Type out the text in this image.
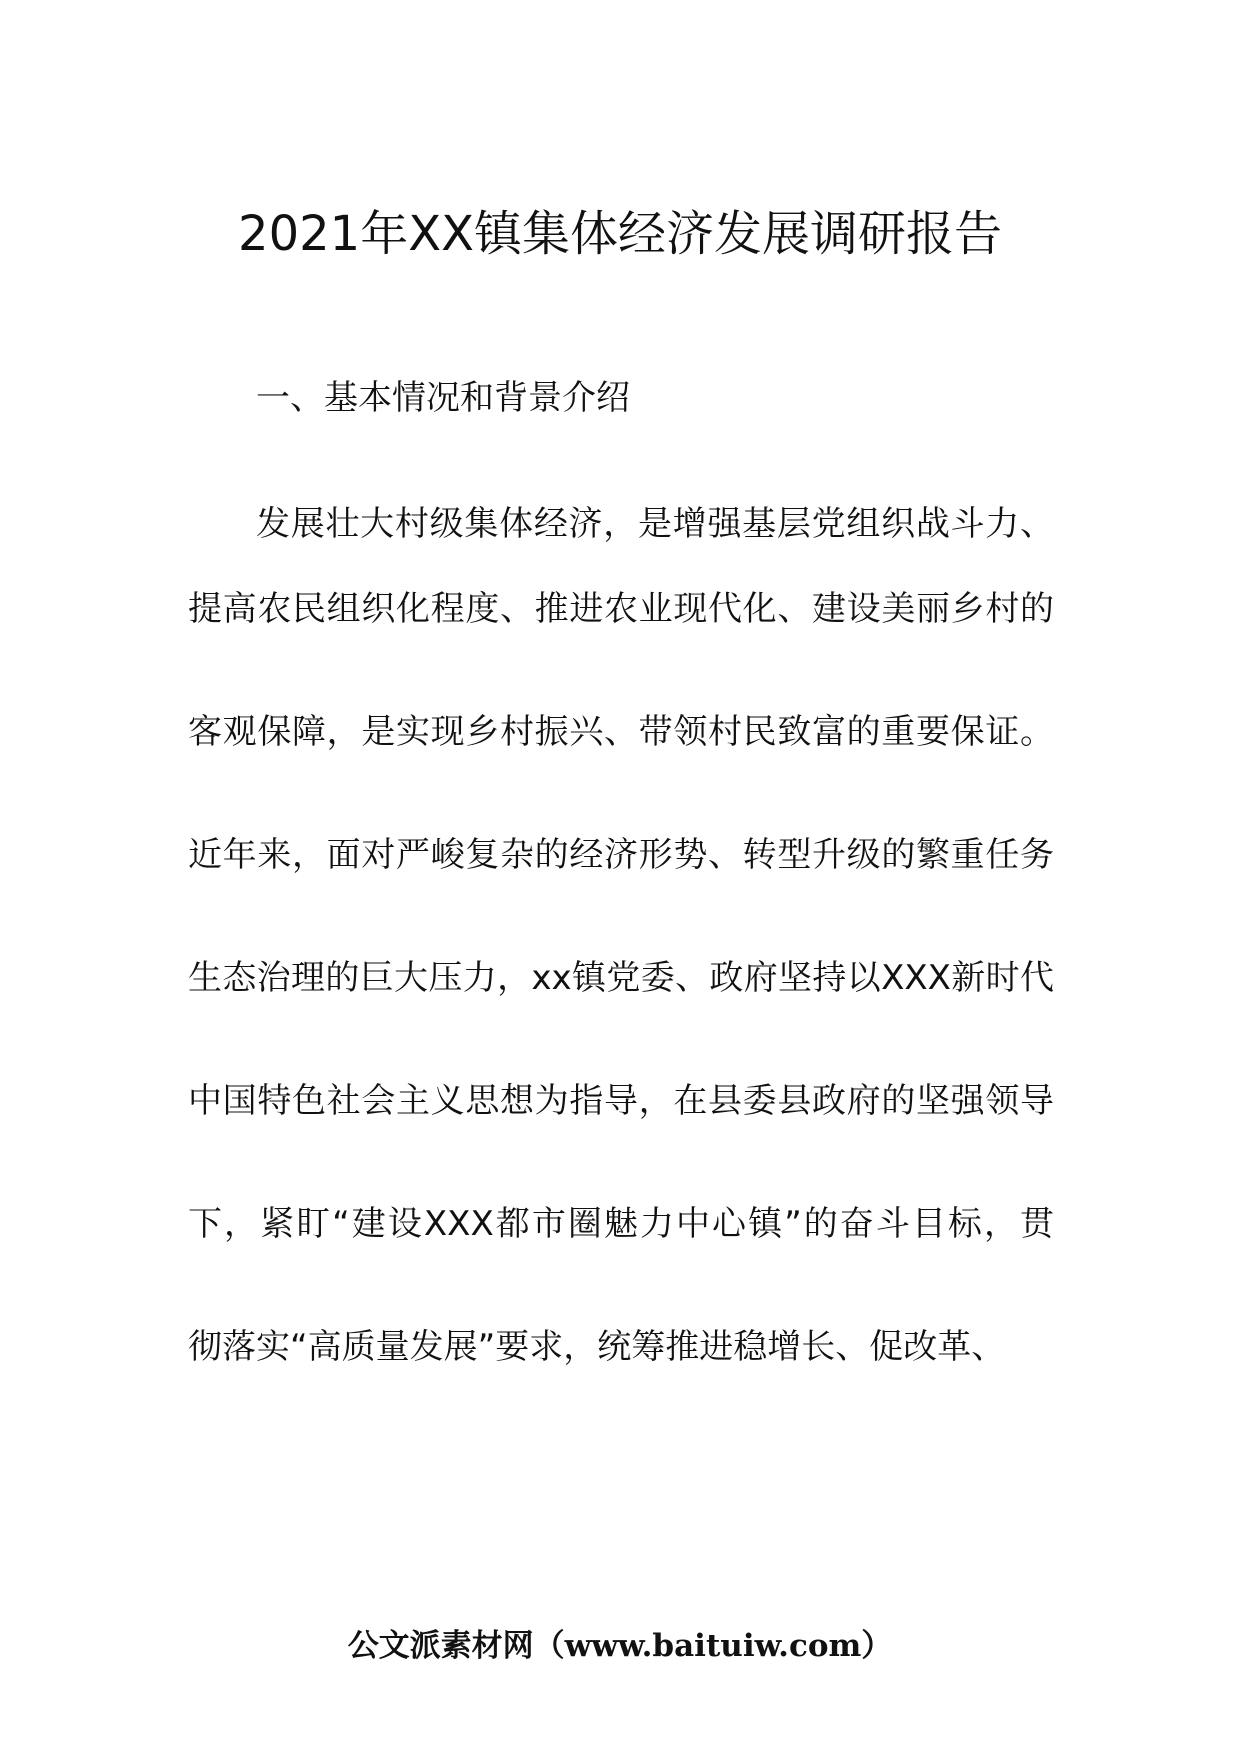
2021年XX镇集体经济发展调研报告
一、基本情况和背景介绍
发展壮大村级集体经济，是增强基层党组织战斗力、
提高农民组织化程度、推进农业现代化、建设美丽乡村的
客观保障，是实现乡村振兴、带领村民致富的重要保证。
近年来，面对严峻复杂的经济形势、转型升级的繁重任务
生态治理的巨大压力，xx镇党委、政府坚持以XXX新时代
中国特色社会主义思想为指导，在县委县政府的坚强领导
下，紧盯“建设XXX都市圈魅力中心镇”的奋斗目标，贯
彻落实“高质量发展”要求，统筹推进稳增长、促改革、
公文派素材网（www.baituiw.com）
